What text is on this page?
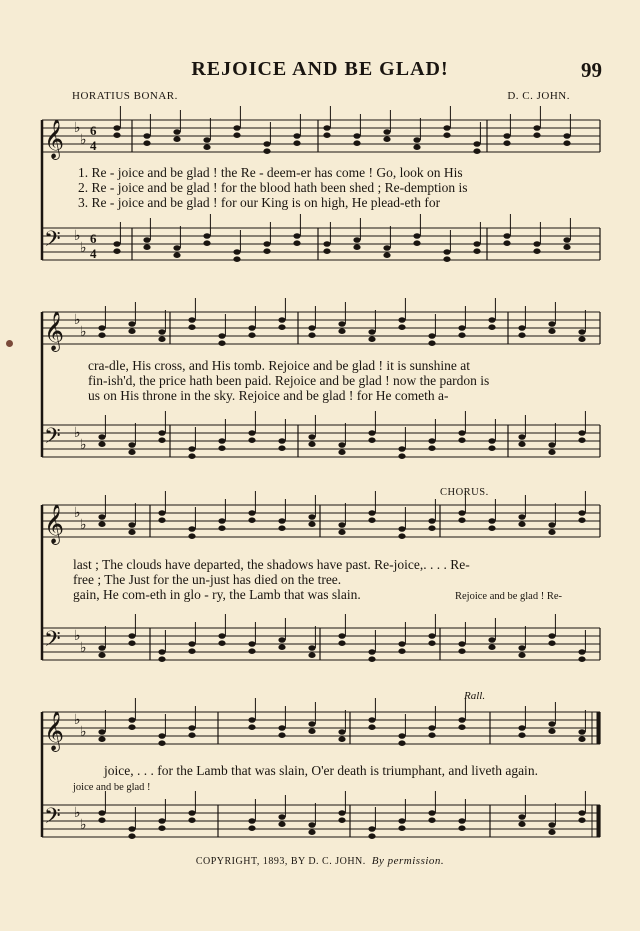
REJOICE AND BE GLAD!	99
HORATIUS BONAR.	D. C. JOHN.
𝄞 ♭
♭
𝄢 ♭
♭
6
4
6
4
𝄞 ♭
♭
𝄢 ♭
♭
𝄞 ♭
♭
𝄢 ♭
♭
𝄞 ♭
♭
𝄢 ♭
♭
1. Re - joice and be glad ! the Re - deem-er has come ! Go, look on His
2. Re - joice and be glad ! for the blood hath been shed ; Re-demption is
3. Re - joice and be glad ! for our King is on high, He plead-eth for
cra-dle, His cross, and His tomb. Rejoice and be glad ! it is sunshine at
fin-ish'd, the price hath been paid. Rejoice and be glad ! now the pardon is
us on His throne in the sky. Rejoice and be glad ! for He cometh a-
CHORUS.
last ; The clouds have departed, the shadows have past. Re-joice,. . . . Re-
free ; The Just for the un-just has died on the tree.
gain, He com-eth in glo - ry, the Lamb that was slain.	Rejoice and be glad ! Re-
Rall.
joice, . . . for the Lamb that was slain, O'er death is triumphant, and liveth again.
joice and be glad !
COPYRIGHT, 1893, BY D. C. JOHN. By permission.
